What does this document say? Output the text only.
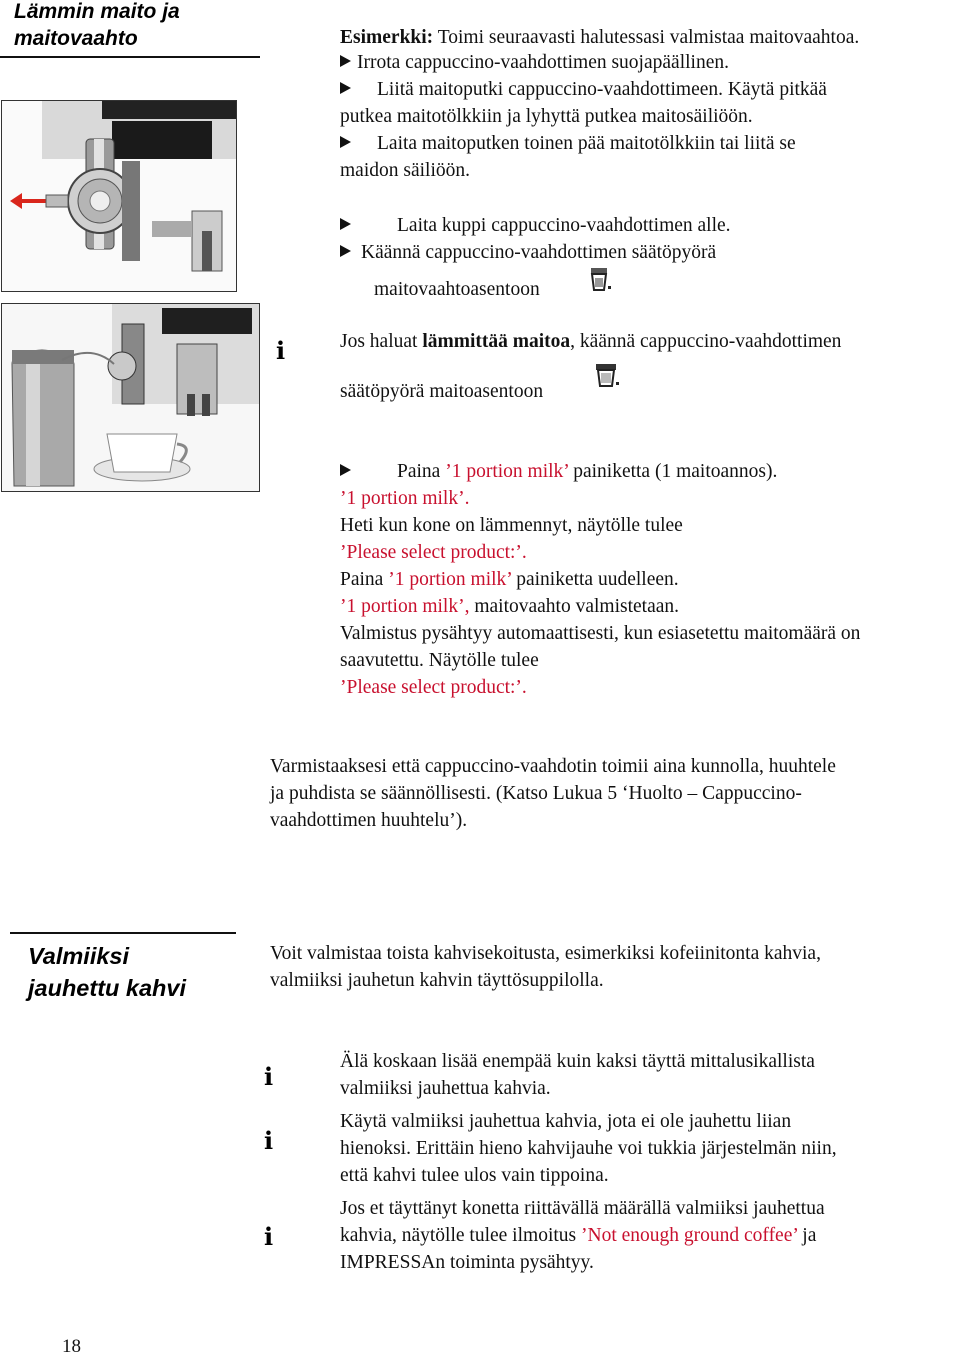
Lämmin maito ja
maitovaahto	Esimerkki: Toimi seuraavasti halutessasi valmistaa maitovaahtoa.
Irrota cappuccino-vaahdottimen suojapäällinen.
Liitä maitoputki cappuccino-vaahdottimeen. Käytä pitkää
putkea maitotölkkiin ja lyhyttä putkea maitosäiliöön.
Laita maitoputken toinen pää maitotölkkiin tai liitä se
maidon säiliöön.
Laita kuppi cappuccino-vaahdottimen alle.
Käännä cappuccino-vaahdottimen säätöpyörä
maitovaahtoasentoon
i	Jos haluat lämmittää maitoa, käännä cappuccino-vaahdottimen
säätöpyörä maitoasentoon
Paina ’1 portion milk’ painiketta (1 maitoannos).
’1 portion milk’.
Heti kun kone on lämmennyt, näytölle tulee
’Please select product:’.
Paina ’1 portion milk’ painiketta uudelleen.
’1 portion milk’, maitovaahto valmistetaan.
Valmistus pysähtyy automaattisesti, kun esiasetettu maitomäärä on
saavutettu. Näytölle tulee
’Please select product:’.
Varmistaaksesi että cappuccino-vaahdotin toimii aina kunnolla, huuhtele
ja puhdista se säännöllisesti. (Katso Lukua 5 ‘Huolto – Cappuccino-
vaahdottimen huuhtelu’).
Valmiiksi
jauhettu kahvi
Voit valmistaa toista kahvisekoitusta, esimerkiksi kofeiinitonta kahvia,
valmiiksi jauhetun kahvin täyttösuppilolla.
i
Älä koskaan lisää enempää kuin kaksi täyttä mittalusikallista
valmiiksi jauhettua kahvia.
i
Käytä valmiiksi jauhettua kahvia, jota ei ole jauhettu liian
hienoksi. Erittäin hieno kahvijauhe voi tukkia järjestelmän niin,
että kahvi tulee ulos vain tippoina.
i
Jos et täyttänyt konetta riittävällä määrällä valmiiksi jauhettua
kahvia, näytölle tulee ilmoitus ’Not enough ground coffee’ ja
IMPRESSAn toiminta pysähtyy.
18
